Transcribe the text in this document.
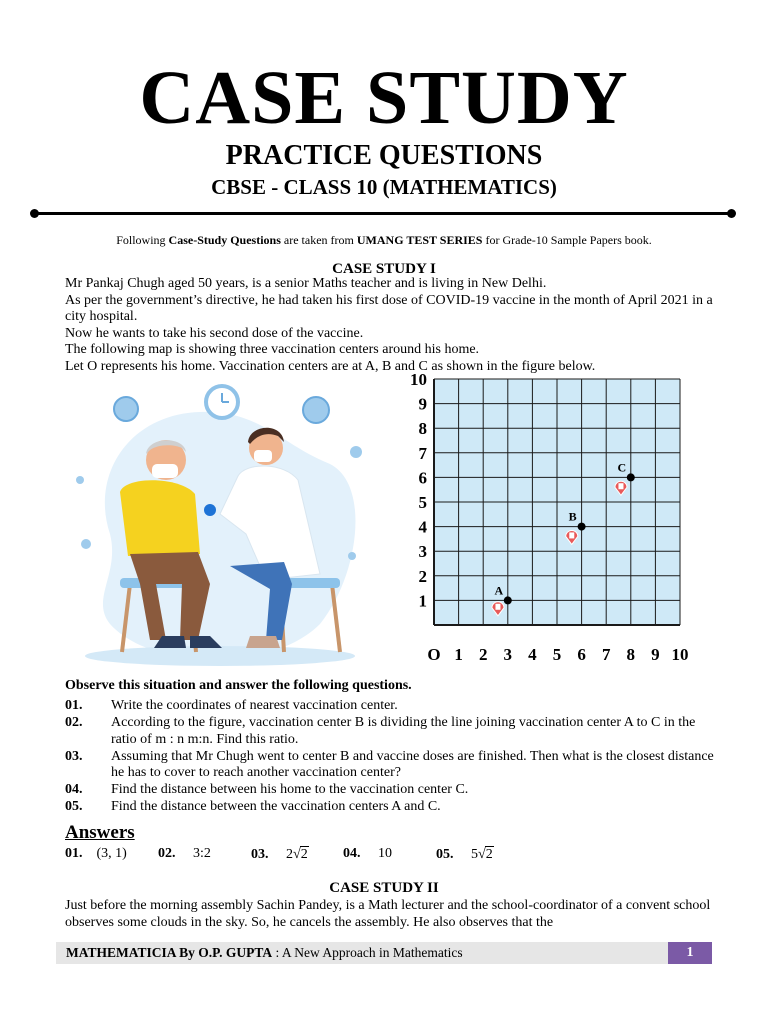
CASE STUDY
PRACTICE QUESTIONS
CBSE - CLASS 10 (MATHEMATICS)
Following Case-Study Questions are taken from UMANG TEST SERIES for Grade-10 Sample Papers book.
CASE STUDY I

Mr Pankaj Chugh aged 50 years, is a senior Maths teacher and is living in New Delhi.

As per the government’s directive, he had taken his first dose of COVID-19 vaccine in the month of April 2021 in a city hospital.

Now he wants to take his second dose of the vaccine.

The following map is showing three vaccination centers around his home.

Let O represents his home. Vaccination centers are at A, B and C as shown in the figure below.

O 1 2 3 4 5 6 7 8 9 10
1
2
3
4
5
6
7
8
9
10
A
B
C
Observe this situation and answer the following questions.
01.	Write the coordinates of nearest vaccination center.
02.	According to the figure, vaccination center B is dividing the line joining vaccination center A to C in the ratio of m : n m:n. Find this ratio.
03.	Assuming that Mr Chugh went to center B and vaccine doses are finished. Then what is the closest distance he has to cover to reach another vaccination center?
04.	Find the distance between his home to the vaccination center C.
05.	Find the distance between the vaccination centers A and C.
Answers
01. (3, 1) 02. 3:2	03. 2√2	04. 10	05. 5√2
CASE STUDY II
Just before the morning assembly Sachin Pandey, is a Math lecturer and the school-coordinator of a convent school observes some clouds in the sky. So, he cancels the assembly. He also observes that the
MATHEMATICIA By O.P. GUPTA : A New Approach in Mathematics	1
